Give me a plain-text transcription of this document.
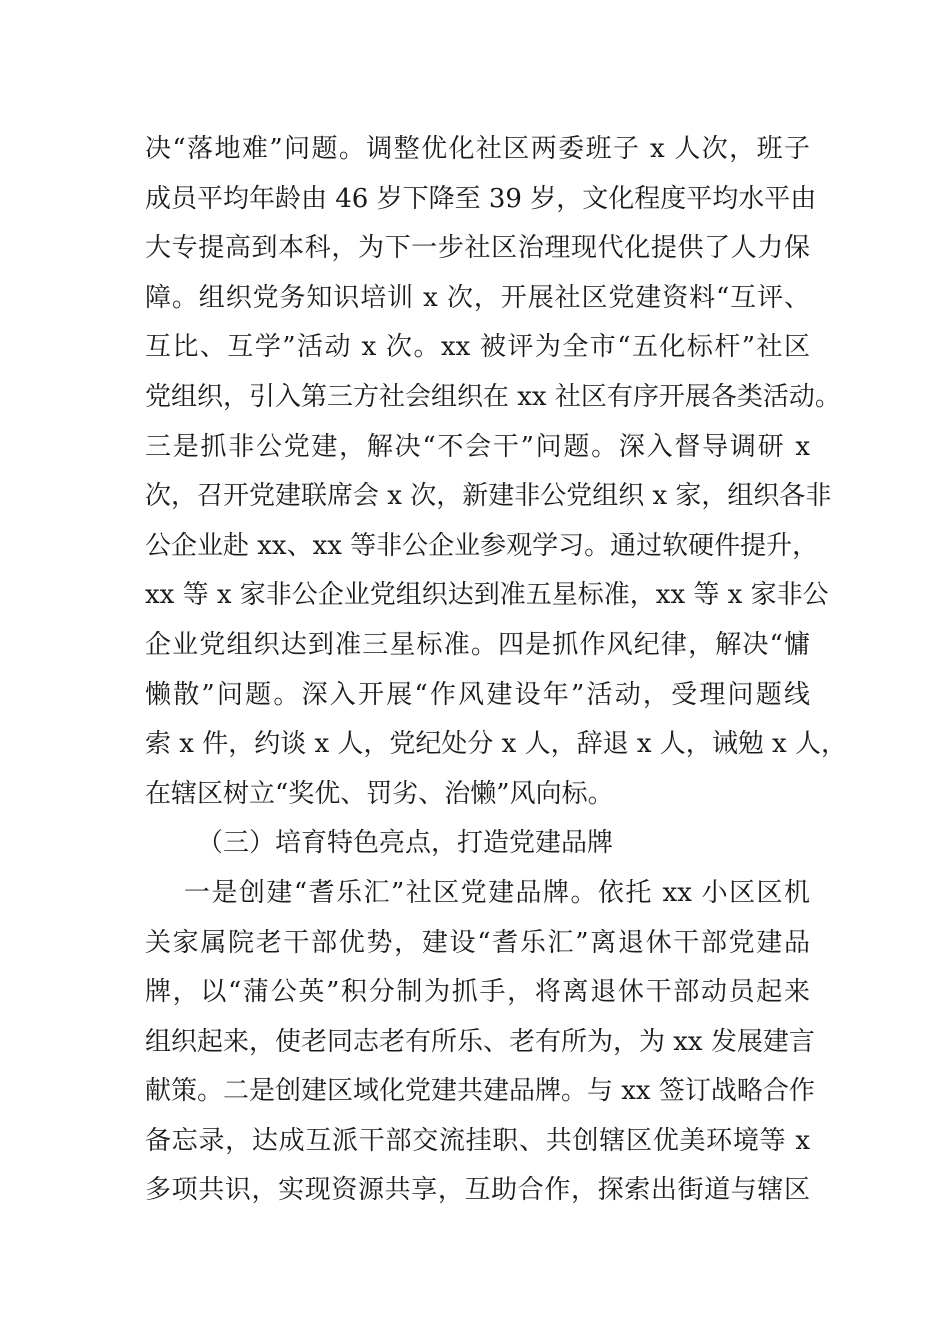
决“落地难”问题。调整优化社区两委班子 x 人次，班子
成员平均年龄由 46 岁下降至 39 岁，文化程度平均水平由
大专提高到本科，为下一步社区治理现代化提供了人力保
障。组织党务知识培训 x 次，开展社区党建资料“互评、
互比、互学”活动 x 次。xx 被评为全市“五化标杆”社区
党组织，引入第三方社会组织在 xx 社区有序开展各类活动。
三是抓非公党建，解决“不会干”问题。深入督导调研 x
次，召开党建联席会 x 次，新建非公党组织 x 家，组织各非
公企业赴 xx、xx 等非公企业参观学习。通过软硬件提升，
xx 等 x 家非公企业党组织达到准五星标准，xx 等 x 家非公
企业党组织达到准三星标准。四是抓作风纪律，解决“慵
懒散”问题。深入开展“作风建设年”活动，受理问题线
索 x 件，约谈 x 人，党纪处分 x 人，辞退 x 人，诫勉 x 人，
在辖区树立“奖优、罚劣、治懒”风向标。
（三）培育特色亮点，打造党建品牌
一是创建“耆乐汇”社区党建品牌。依托 xx 小区区机
关家属院老干部优势，建设“耆乐汇”离退休干部党建品
牌，以“蒲公英”积分制为抓手，将离退休干部动员起来
组织起来，使老同志老有所乐、老有所为，为 xx 发展建言
献策。二是创建区域化党建共建品牌。与 xx 签订战略合作
备忘录，达成互派干部交流挂职、共创辖区优美环境等 x
多项共识，实现资源共享，互助合作，探索出街道与辖区
